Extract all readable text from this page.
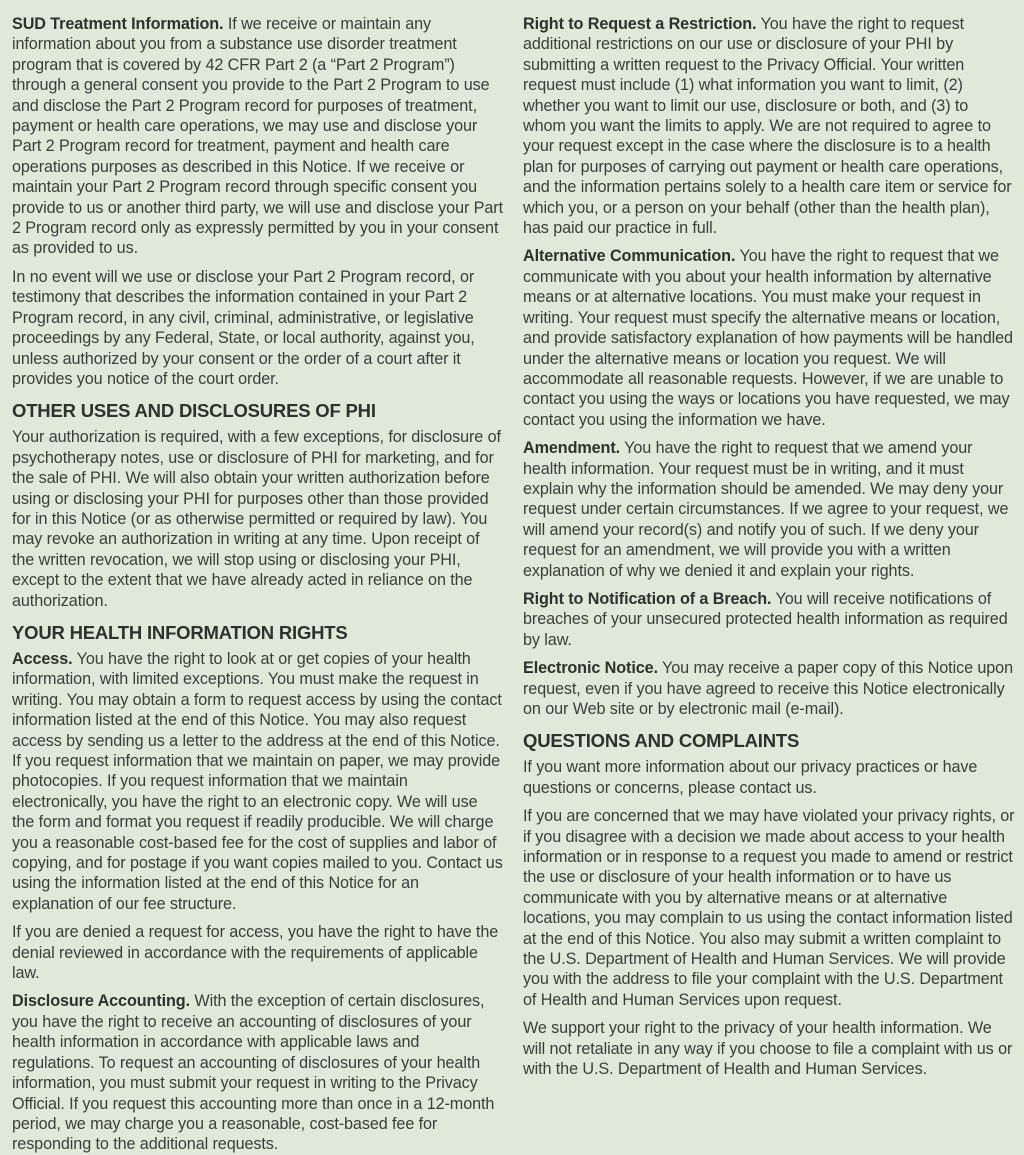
SUD Treatment Information. If we receive or maintain any information about you from a substance use disorder treatment program that is covered by 42 CFR Part 2 (a “Part 2 Program”) through a general consent you provide to the Part 2 Program to use and disclose the Part 2 Program record for purposes of treatment, payment or health care operations, we may use and disclose your Part 2 Program record for treatment, payment and health care operations purposes as described in this Notice. If we receive or maintain your Part 2 Program record through specific consent you provide to us or another third party, we will use and disclose your Part 2 Program record only as expressly permitted by you in your consent as provided to us.

In no event will we use or disclose your Part 2 Program record, or testimony that describes the information contained in your Part 2 Program record, in any civil, criminal, administrative, or legislative proceedings by any Federal, State, or local authority, against you, unless authorized by your consent or the order of a court after it provides you notice of the court order.

OTHER USES AND DISCLOSURES OF PHI

Your authorization is required, with a few exceptions, for disclosure of psychotherapy notes, use or disclosure of PHI for marketing, and for the sale of PHI. We will also obtain your written authorization before using or disclosing your PHI for purposes other than those provided for in this Notice (or as otherwise permitted or required by law). You may revoke an authorization in writing at any time. Upon receipt of the written revocation, we will stop using or disclosing your PHI, except to the extent that we have already acted in reliance on the authorization.

YOUR HEALTH INFORMATION RIGHTS

Access. You have the right to look at or get copies of your health information, with limited exceptions. You must make the request in writing. You may obtain a form to request access by using the contact information listed at the end of this Notice. You may also request access by sending us a letter to the address at the end of this Notice. If you request information that we maintain on paper, we may provide photocopies. If you request information that we maintain electronically, you have the right to an electronic copy. We will use the form and format you request if readily producible. We will charge you a reasonable cost-based fee for the cost of supplies and labor of copying, and for postage if you want copies mailed to you. Contact us using the information listed at the end of this Notice for an explanation of our fee structure.

If you are denied a request for access, you have the right to have the denial reviewed in accordance with the requirements of applicable law.

Disclosure Accounting. With the exception of certain disclosures, you have the right to receive an accounting of disclosures of your health information in accordance with applicable laws and regulations. To request an accounting of disclosures of your health information, you must submit your request in writing to the Privacy Official. If you request this accounting more than once in a 12-month period, we may charge you a reasonable, cost-based fee for responding to the additional requests.

Right to Request a Restriction. You have the right to request additional restrictions on our use or disclosure of your PHI by submitting a written request to the Privacy Official. Your written request must include (1) what information you want to limit, (2) whether you want to limit our use, disclosure or both, and (3) to whom you want the limits to apply. We are not required to agree to your request except in the case where the disclosure is to a health plan for purposes of carrying out payment or health care operations, and the information pertains solely to a health care item or service for which you, or a person on your behalf (other than the health plan), has paid our practice in full.

Alternative Communication. You have the right to request that we communicate with you about your health information by alternative means or at alternative locations. You must make your request in writing. Your request must specify the alternative means or location, and provide satisfactory explanation of how payments will be handled under the alternative means or location you request. We will accommodate all reasonable requests. However, if we are unable to contact you using the ways or locations you have requested, we may contact you using the information we have.

Amendment. You have the right to request that we amend your health information. Your request must be in writing, and it must explain why the information should be amended. We may deny your request under certain circumstances. If we agree to your request, we will amend your record(s) and notify you of such. If we deny your request for an amendment, we will provide you with a written explanation of why we denied it and explain your rights.

Right to Notification of a Breach. You will receive notifications of breaches of your unsecured protected health information as required by law.

Electronic Notice. You may receive a paper copy of this Notice upon request, even if you have agreed to receive this Notice electronically on our Web site or by electronic mail (e-mail).

QUESTIONS AND COMPLAINTS

If you want more information about our privacy practices or have questions or concerns, please contact us.

If you are concerned that we may have violated your privacy rights, or if you disagree with a decision we made about access to your health information or in response to a request you made to amend or restrict the use or disclosure of your health information or to have us communicate with you by alternative means or at alternative locations, you may complain to us using the contact information listed at the end of this Notice. You also may submit a written complaint to the U.S. Department of Health and Human Services. We will provide you with the address to file your complaint with the U.S. Department of Health and Human Services upon request.

We support your right to the privacy of your health information. We will not retaliate in any way if you choose to file a complaint with us or with the U.S. Department of Health and Human Services.
